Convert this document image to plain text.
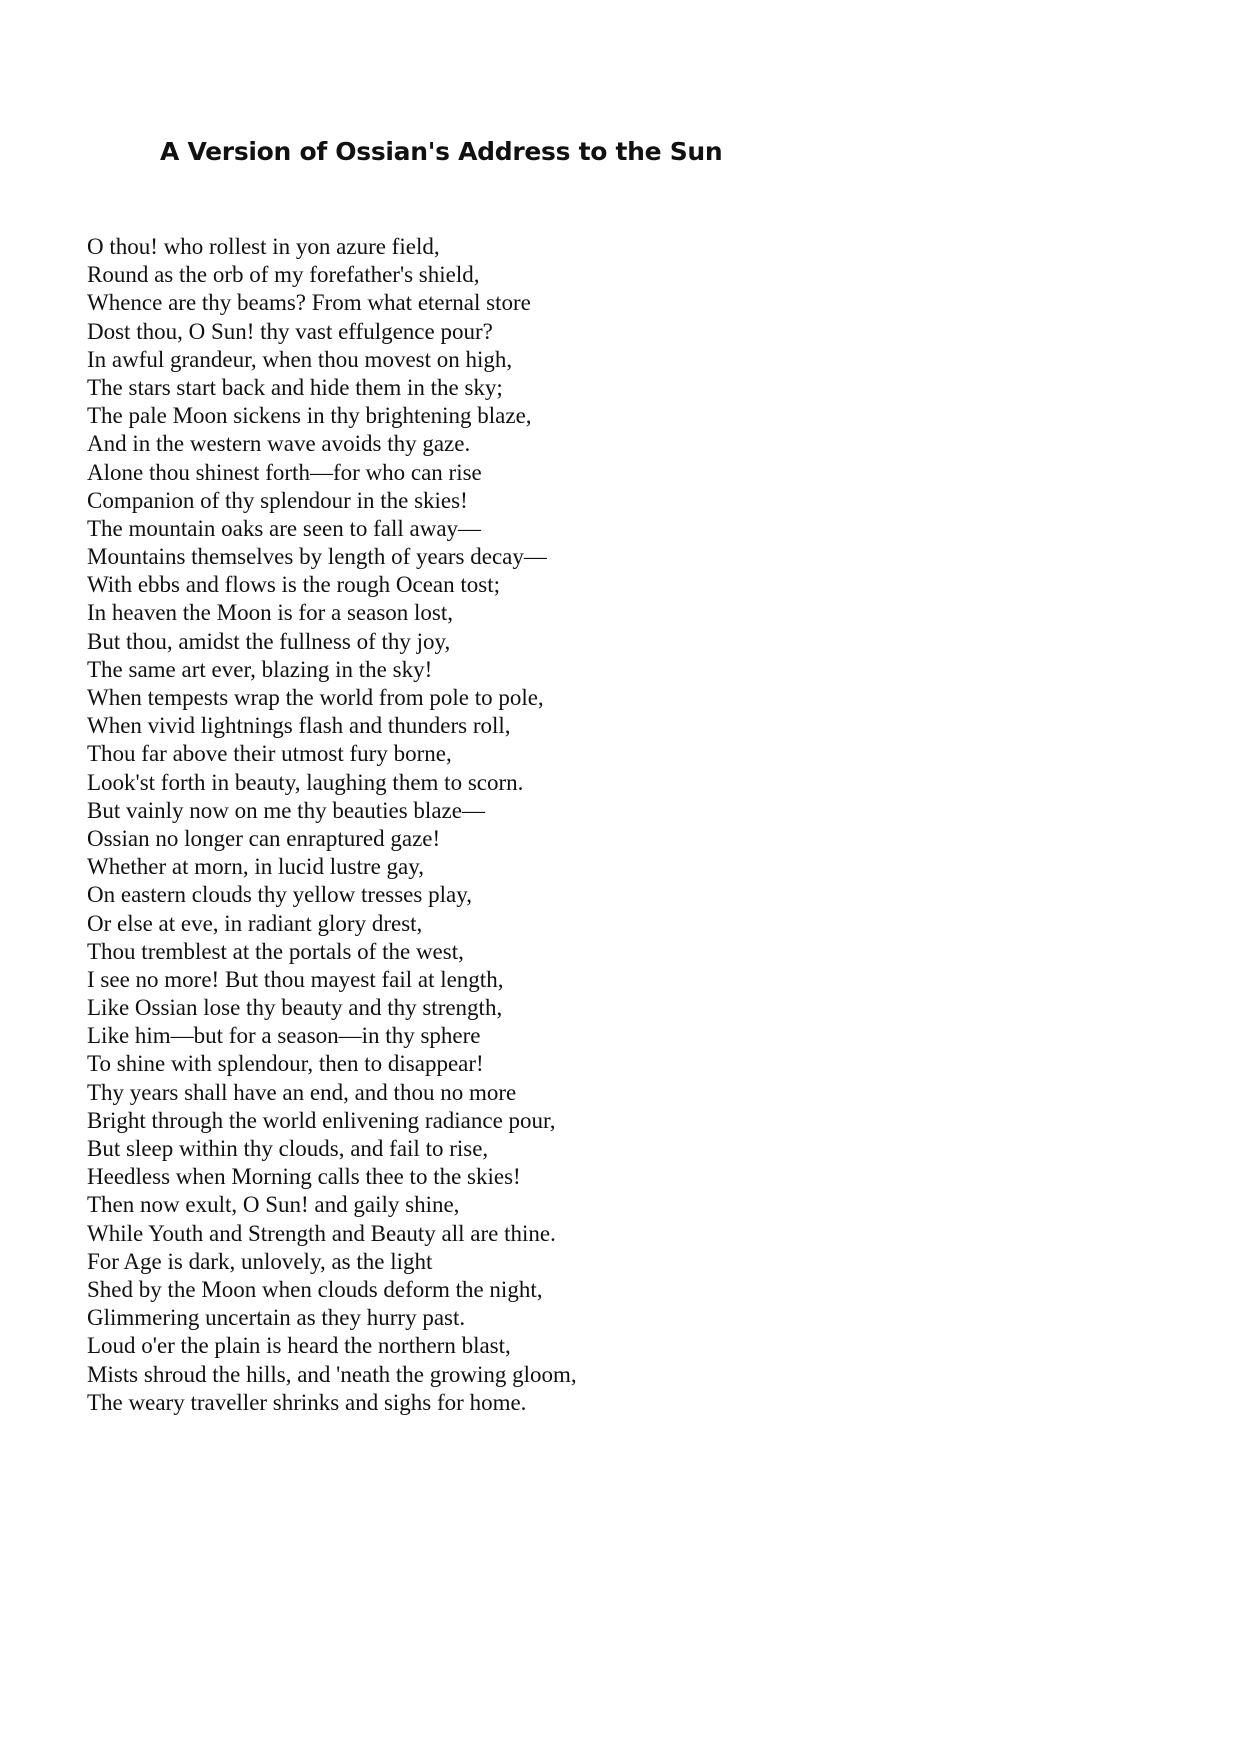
A Version of Ossian's Address to the Sun
O thou! who rollest in yon azure field,
Round as the orb of my forefather's shield,
Whence are thy beams? From what eternal store
Dost thou, O Sun! thy vast effulgence pour?
In awful grandeur, when thou movest on high,
The stars start back and hide them in the sky;
The pale Moon sickens in thy brightening blaze,
And in the western wave avoids thy gaze.
Alone thou shinest forth—for who can rise
Companion of thy splendour in the skies!
The mountain oaks are seen to fall away—
Mountains themselves by length of years decay—
With ebbs and flows is the rough Ocean tost;
In heaven the Moon is for a season lost,
But thou, amidst the fullness of thy joy,
The same art ever, blazing in the sky!
When tempests wrap the world from pole to pole,
When vivid lightnings flash and thunders roll,
Thou far above their utmost fury borne,
Look'st forth in beauty, laughing them to scorn.
But vainly now on me thy beauties blaze—
Ossian no longer can enraptured gaze!
Whether at morn, in lucid lustre gay,
On eastern clouds thy yellow tresses play,
Or else at eve, in radiant glory drest,
Thou tremblest at the portals of the west,
I see no more! But thou mayest fail at length,
Like Ossian lose thy beauty and thy strength,
Like him—but for a season—in thy sphere
To shine with splendour, then to disappear!
Thy years shall have an end, and thou no more
Bright through the world enlivening radiance pour,
But sleep within thy clouds, and fail to rise,
Heedless when Morning calls thee to the skies!
Then now exult, O Sun! and gaily shine,
While Youth and Strength and Beauty all are thine.
For Age is dark, unlovely, as the light
Shed by the Moon when clouds deform the night,
Glimmering uncertain as they hurry past.
Loud o'er the plain is heard the northern blast,
Mists shroud the hills, and 'neath the growing gloom,
The weary traveller shrinks and sighs for home.
